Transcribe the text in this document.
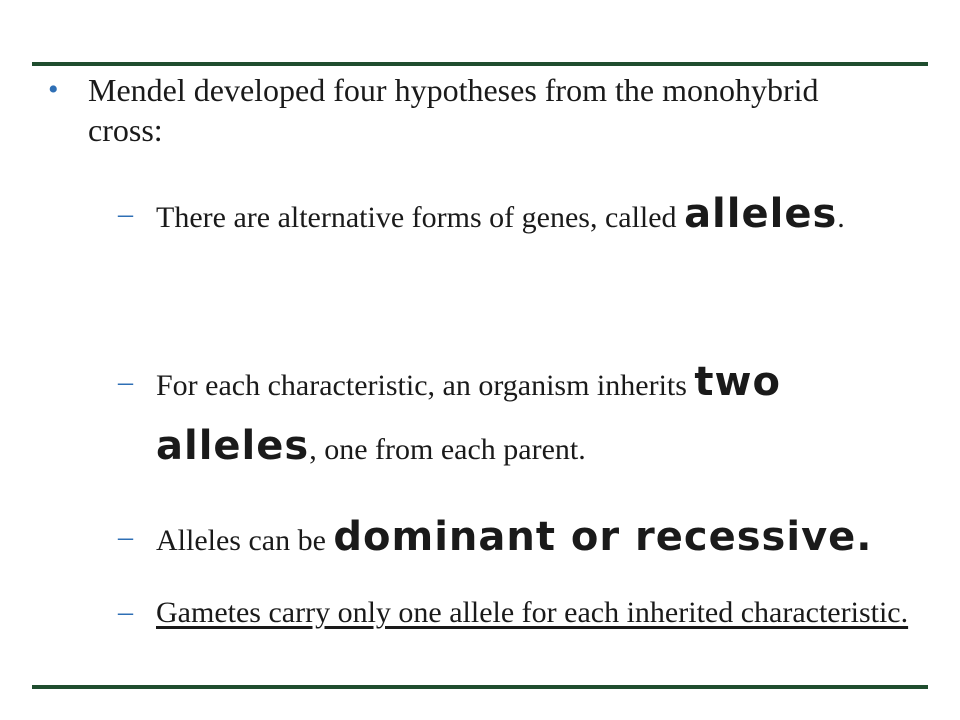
• Mendel developed four hypotheses from the monohybrid cross:
– There are alternative forms of genes, called alleles.
– For each characteristic, an organism inherits two alleles, one from each parent.
– Alleles can be dominant or recessive.
– Gametes carry only one allele for each inherited characteristic.
